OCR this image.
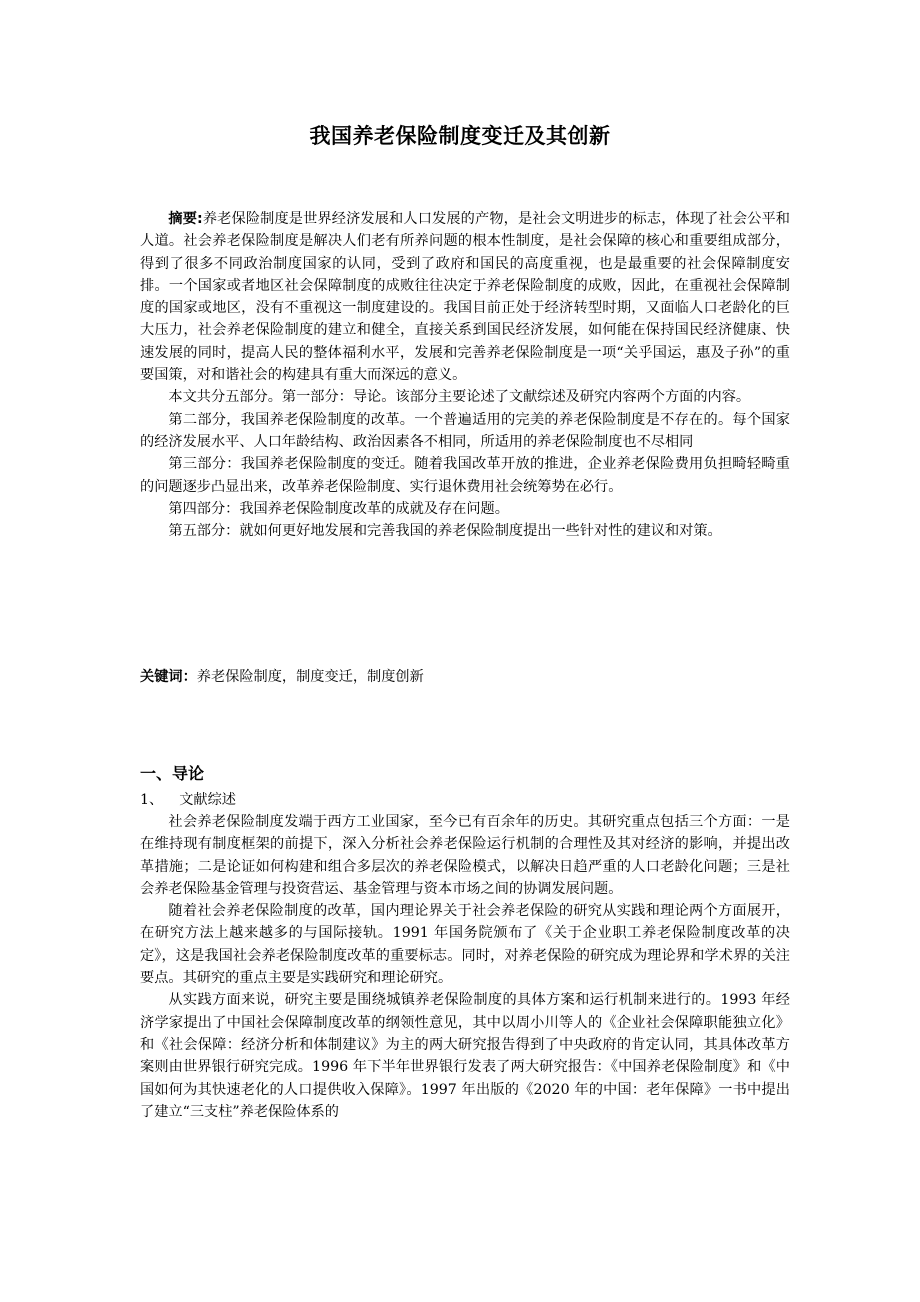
我国养老保险制度变迁及其创新

摘要:养老保险制度是世界经济发展和人口发展的产物，是社会文明进步的标志，体现了社会公平和人道。社会养老保险制度是解决人们老有所养问题的根本性制度，是社会保障的核心和重要组成部分，得到了很多不同政治制度国家的认同，受到了政府和国民的高度重视，也是最重要的社会保障制度安排。一个国家或者地区社会保障制度的成败往往决定于养老保险制度的成败，因此，在重视社会保障制度的国家或地区，没有不重视这一制度建设的。我国目前正处于经济转型时期，又面临人口老龄化的巨大压力，社会养老保险制度的建立和健全，直接关系到国民经济发展，如何能在保持国民经济健康、快速发展的同时，提高人民的整体福利水平，发展和完善养老保险制度是一项“关乎国运，惠及子孙”的重要国策，对和谐社会的构建具有重大而深远的意义。

本文共分五部分。第一部分：导论。该部分主要论述了文献综述及研究内容两个方面的内容。

第二部分，我国养老保险制度的改革。一个普遍适用的完美的养老保险制度是不存在的。每个国家的经济发展水平、人口年龄结构、政治因素各不相同，所适用的养老保险制度也不尽相同

第三部分：我国养老保险制度的变迁。随着我国改革开放的推进，企业养老保险费用负担畸轻畸重的问题逐步凸显出来，改革养老保险制度、实行退休费用社会统筹势在必行。

第四部分：我国养老保险制度改革的成就及存在问题。

第五部分：就如何更好地发展和完善我国的养老保险制度提出一些针对性的建议和对策。

关键词：养老保险制度，制度变迁，制度创新
一、导论
1、 文献综述

社会养老保险制度发端于西方工业国家，至今已有百余年的历史。其研究重点包括三个方面：一是在维持现有制度框架的前提下，深入分析社会养老保险运行机制的合理性及其对经济的影响，并提出改革措施；二是论证如何构建和组合多层次的养老保险模式，以解决日趋严重的人口老龄化问题；三是社会养老保险基金管理与投资营运、基金管理与资本市场之间的协调发展问题。

随着社会养老保险制度的改革，国内理论界关于社会养老保险的研究从实践和理论两个方面展开，在研究方法上越来越多的与国际接轨。1991 年国务院颁布了《关于企业职工养老保险制度改革的决定》，这是我国社会养老保险制度改革的重要标志。同时，对养老保险的研究成为理论界和学术界的关注要点。其研究的重点主要是实践研究和理论研究。

从实践方面来说，研究主要是围绕城镇养老保险制度的具体方案和运行机制来进行的。1993 年经济学家提出了中国社会保障制度改革的纲领性意见，其中以周小川等人的《企业社会保障职能独立化》和《社会保障：经济分析和体制建议》为主的两大研究报告得到了中央政府的肯定认同，其具体改革方案则由世界银行研究完成。1996 年下半年世界银行发表了两大研究报告：《中国养老保险制度》和《中国如何为其快速老化的人口提供收入保障》。1997 年出版的《2020 年的中国：老年保障》一书中提出了建立“三支柱”养老保险体系的
